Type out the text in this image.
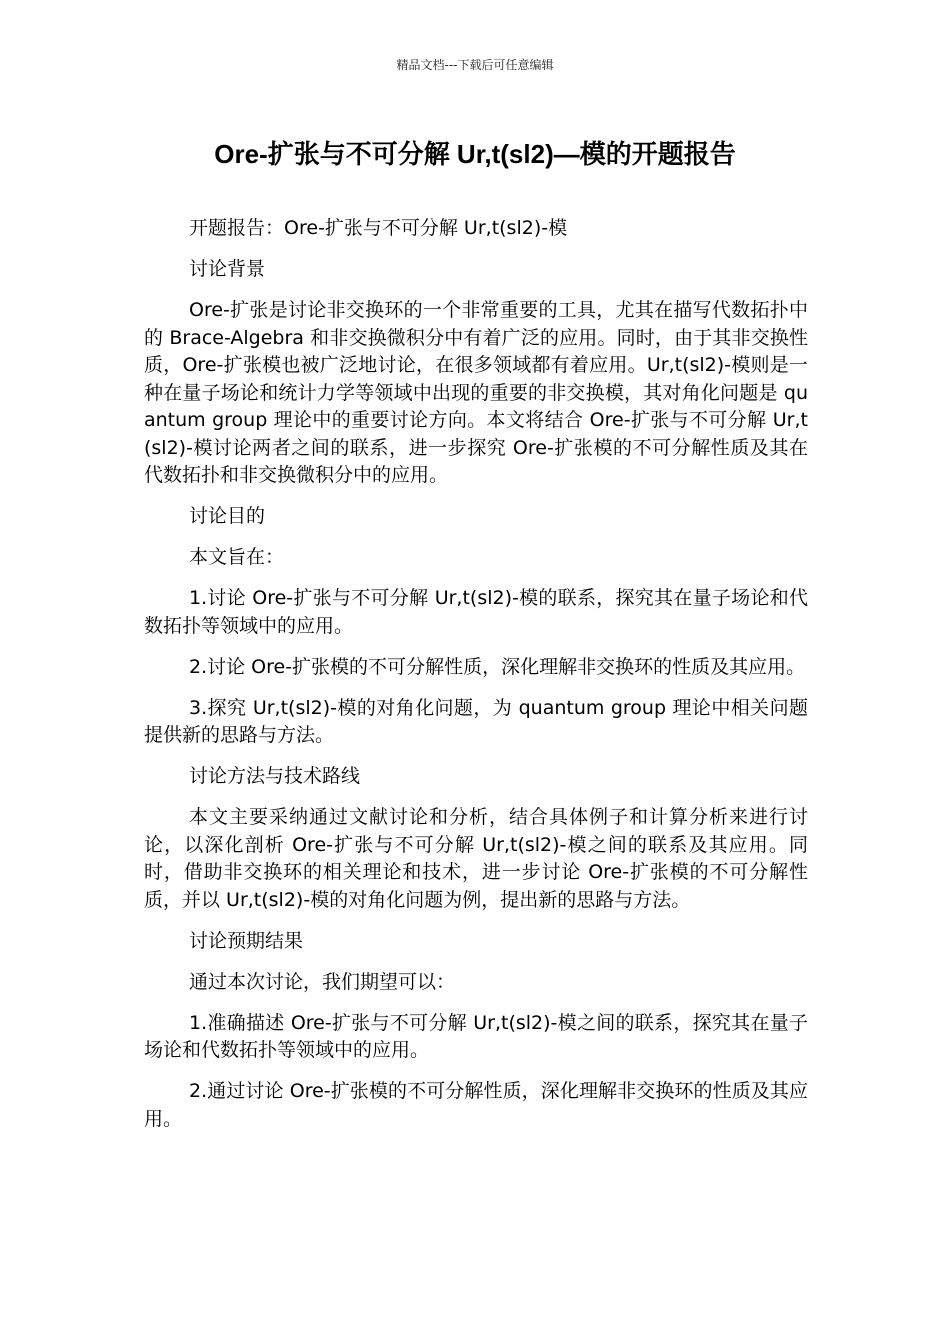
精品文档---下载后可任意编辑
Ore-扩张与不可分解 Ur,t(sl2)—模的开题报告

开题报告：Ore-扩张与不可分解 Ur,t(sl2)-模

讨论背景

Ore-扩张是讨论非交换环的一个非常重要的工具，尤其在描写代数拓扑中的 Brace-Algebra 和非交换微积分中有着广泛的应用。同时，由于其非交换性质，Ore-扩张模也被广泛地讨论，在很多领域都有着应用。Ur,t(sl2)-模则是一种在量子场论和统计力学等领域中出现的重要的非交换模，其对角化问题是 quantum group 理论中的重要讨论方向。本文将结合 Ore-扩张与不可分解 Ur,t(sl2)-模讨论两者之间的联系，进一步探究 Ore-扩张模的不可分解性质及其在代数拓扑和非交换微积分中的应用。

讨论目的

本文旨在：

1.讨论 Ore-扩张与不可分解 Ur,t(sl2)-模的联系，探究其在量子场论和代数拓扑等领域中的应用。

2.讨论 Ore-扩张模的不可分解性质，深化理解非交换环的性质及其应用。

3.探究 Ur,t(sl2)-模的对角化问题，为 quantum group 理论中相关问题提供新的思路与方法。

讨论方法与技术路线

本文主要采纳通过文献讨论和分析，结合具体例子和计算分析来进行讨论，以深化剖析 Ore-扩张与不可分解 Ur,t(sl2)-模之间的联系及其应用。同时，借助非交换环的相关理论和技术，进一步讨论 Ore-扩张模的不可分解性质，并以 Ur,t(sl2)-模的对角化问题为例，提出新的思路与方法。

讨论预期结果

通过本次讨论，我们期望可以：

1.准确描述 Ore-扩张与不可分解 Ur,t(sl2)-模之间的联系，探究其在量子场论和代数拓扑等领域中的应用。

2.通过讨论 Ore-扩张模的不可分解性质，深化理解非交换环的性质及其应用。
